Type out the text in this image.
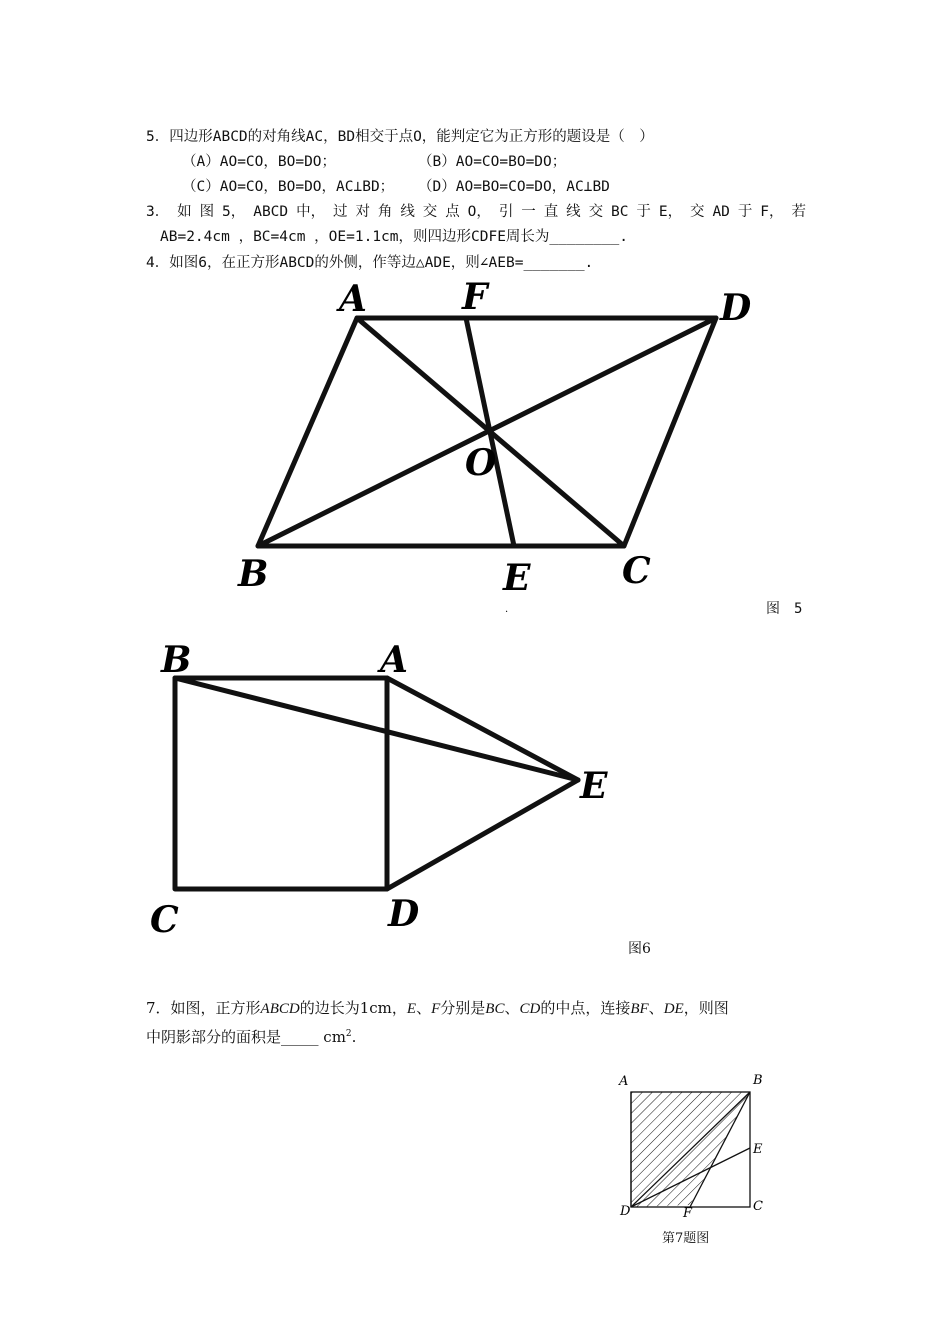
5．四边形ABCD的对角线AC，BD相交于点O，能判定它为正方形的题设是（　）
（A）AO=CO，BO=DO；	（B）AO=CO=BO=DO；
（C）AO=CO，BO=DO，AC⊥BD； （D）AO=BO=CO=DO，AC⊥BD
3． 如 图 5， ABCD 中， 过 对 角 线 交 点 O， 引 一 直 线 交 BC 于 E， 交 AD 于 F， 若
AB=2.4cm ，BC=4cm ，OE=1.1cm，则四边形CDFE周长为________.
4．如图6，在正方形ABCD的外侧，作等边△ADE，则∠AEB=_______.
A	F	D
O
B	E	C
.	图　5
B	A
E
C	D
图6
7．如图，正方形ABCD的边长为1cm，E、F分别是BC、CD的中点，连接BF、DE，则图
中阴影部分的面积是_____ $cm^2$.
A	B
E
C
D	F
第7题图
